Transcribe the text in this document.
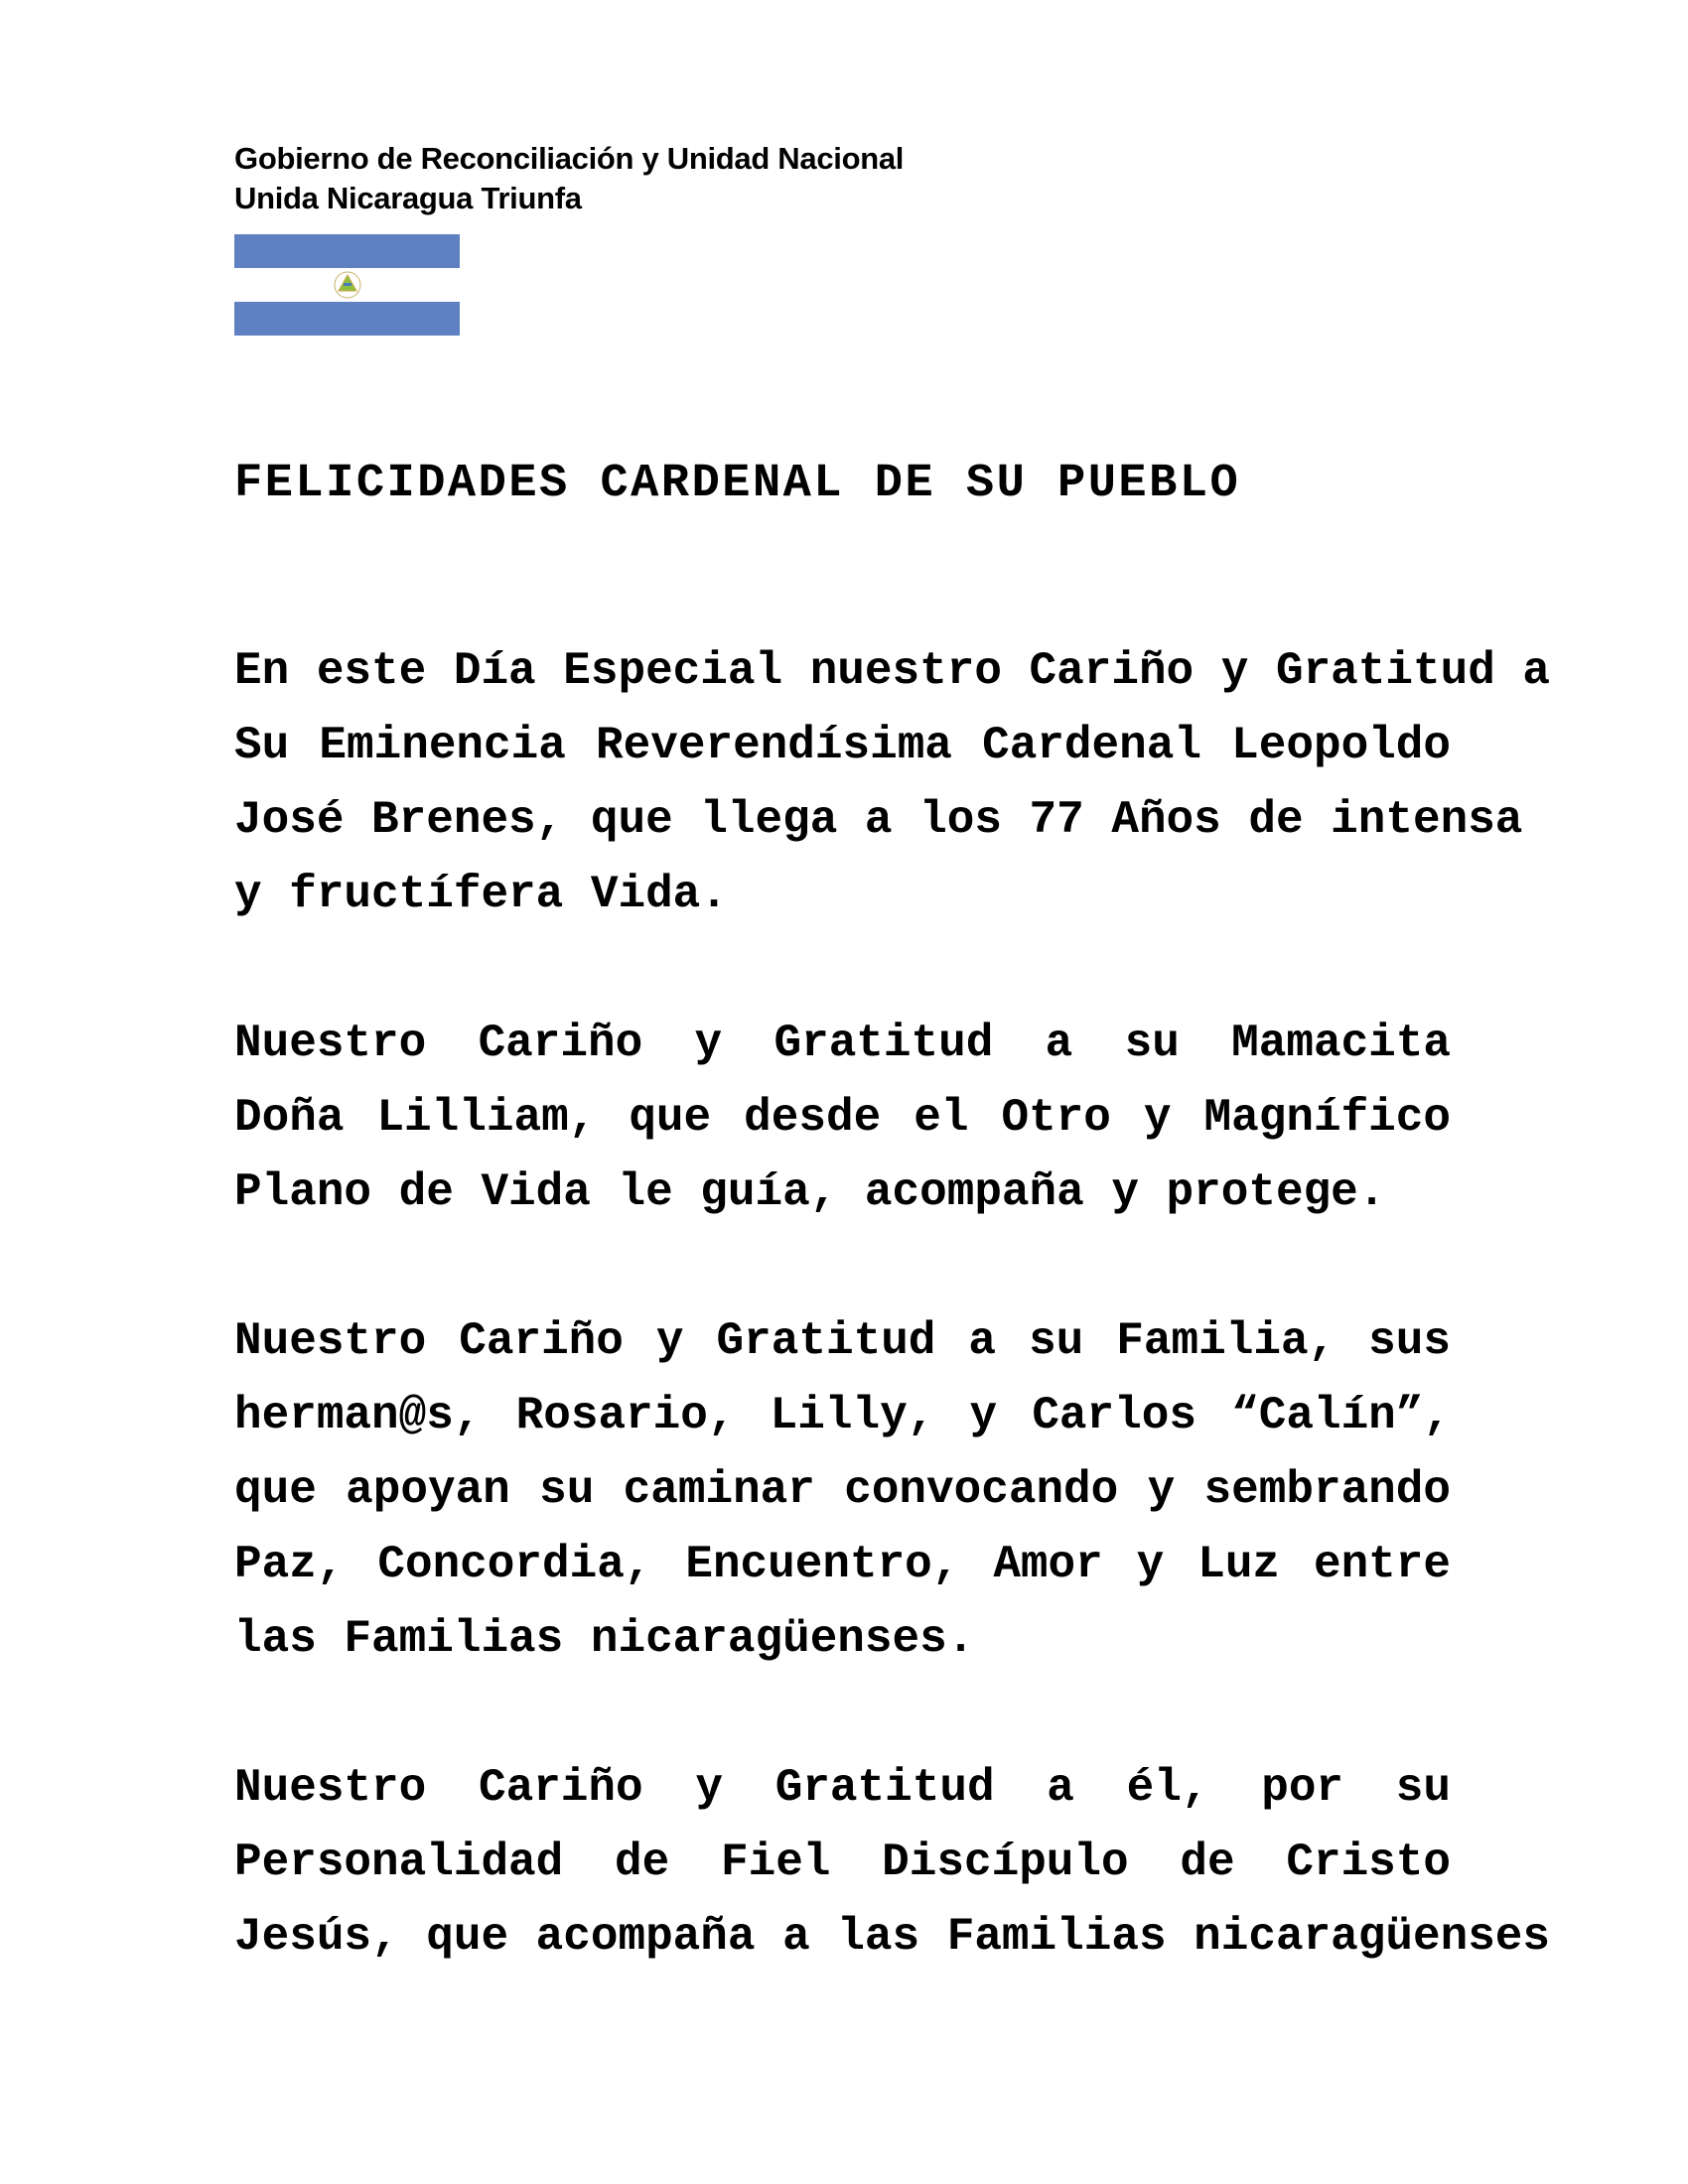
Gobierno de Reconciliación y Unidad Nacional
Unida Nicaragua Triunfa
FELICIDADES CARDENAL DE SU PUEBLO
En este Día Especial nuestro Cariño y Gratitud a
Su Eminencia Reverendísima Cardenal Leopoldo
José Brenes, que llega a los 77 Años de intensa
y fructífera Vida.
Nuestro Cariño y Gratitud a su Mamacita
Doña Lilliam, que desde el Otro y Magnífico
Plano de Vida le guía, acompaña y protege.
Nuestro Cariño y Gratitud a su Familia, sus
herman@s, Rosario, Lilly, y Carlos “Calín”,
que apoyan su caminar convocando y sembrando
Paz, Concordia, Encuentro, Amor y Luz entre
las Familias nicaragüenses.
Nuestro Cariño y Gratitud a él, por su
Personalidad de Fiel Discípulo de Cristo
Jesús, que acompaña a las Familias nicaragüenses
